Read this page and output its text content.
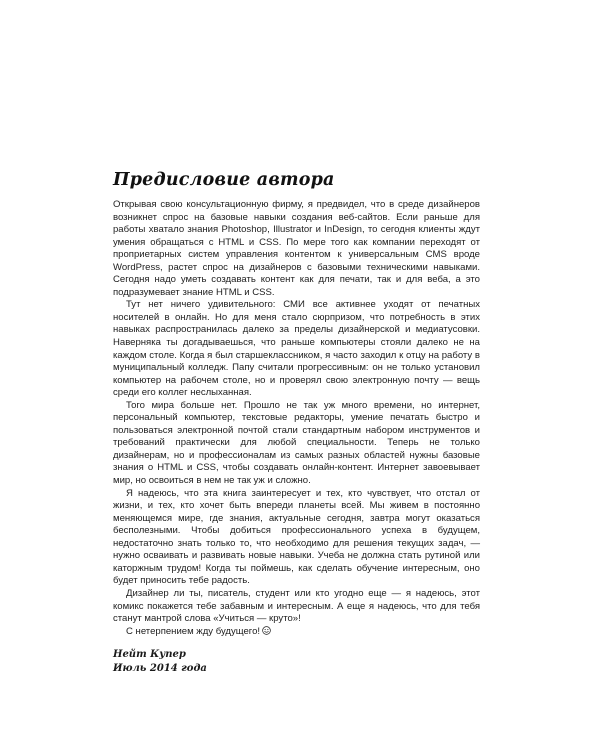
Предисловие автора

Открывая свою консультационную фирму, я предвидел, что в среде дизайнеров возникнет спрос на базовые навыки создания веб-сайтов. Если раньше для работы хватало знания Photoshop, Illustrator и InDesign, то сегодня клиенты ждут умения обращаться с HTML и CSS. По мере того как компании переходят от проприетарных систем управления контентом к универсальным CMS вроде WordPress, растет спрос на дизайнеров с базовыми техническими навыками. Сегодня надо уметь создавать контент как для печати, так и для веба, а это подразумевает знание HTML и CSS.

Тут нет ничего удивительного: СМИ все активнее уходят от печатных носителей в онлайн. Но для меня стало сюрпризом, что потребность в этих навыках распространилась далеко за пределы дизайнерской и медиатусовки. Наверняка ты догадываешься, что раньше компьютеры стояли далеко не на каждом столе. Когда я был старшеклассником, я часто заходил к отцу на работу в муниципальный колледж. Папу считали прогрессивным: он не только установил компьютер на рабочем столе, но и проверял свою электронную почту — вещь среди его коллег неслыханная.

Того мира больше нет. Прошло не так уж много времени, но интернет, персональный компьютер, текстовые редакторы, умение печатать быстро и пользоваться электронной почтой стали стандартным набором инструментов и требований практически для любой специальности. Теперь не только дизайнерам, но и профессионалам из самых разных областей нужны базовые знания о HTML и CSS, чтобы создавать онлайн-контент. Интернет завоевывает мир, но освоиться в нем не так уж и сложно.

Я надеюсь, что эта книга заинтересует и тех, кто чувствует, что отстал от жизни, и тех, кто хочет быть впереди планеты всей. Мы живем в постоянно меняющемся мире, где знания, актуальные сегодня, завтра могут оказаться бесполезными. Чтобы добиться профессионального успеха в будущем, недостаточно знать только то, что необходимо для решения текущих задач, — нужно осваивать и развивать новые навыки. Учеба не должна стать рутиной или каторжным трудом! Когда ты поймешь, как сделать обучение интересным, оно будет приносить тебе радость.

Дизайнер ли ты, писатель, студент или кто угодно еще — я надеюсь, этот комикс покажется тебе забавным и интересным. А еще я надеюсь, что для тебя станут мантрой слова «Учиться — круто»!

С нетерпением жду будущего!

Нейт Купер
Июль 2014 года
